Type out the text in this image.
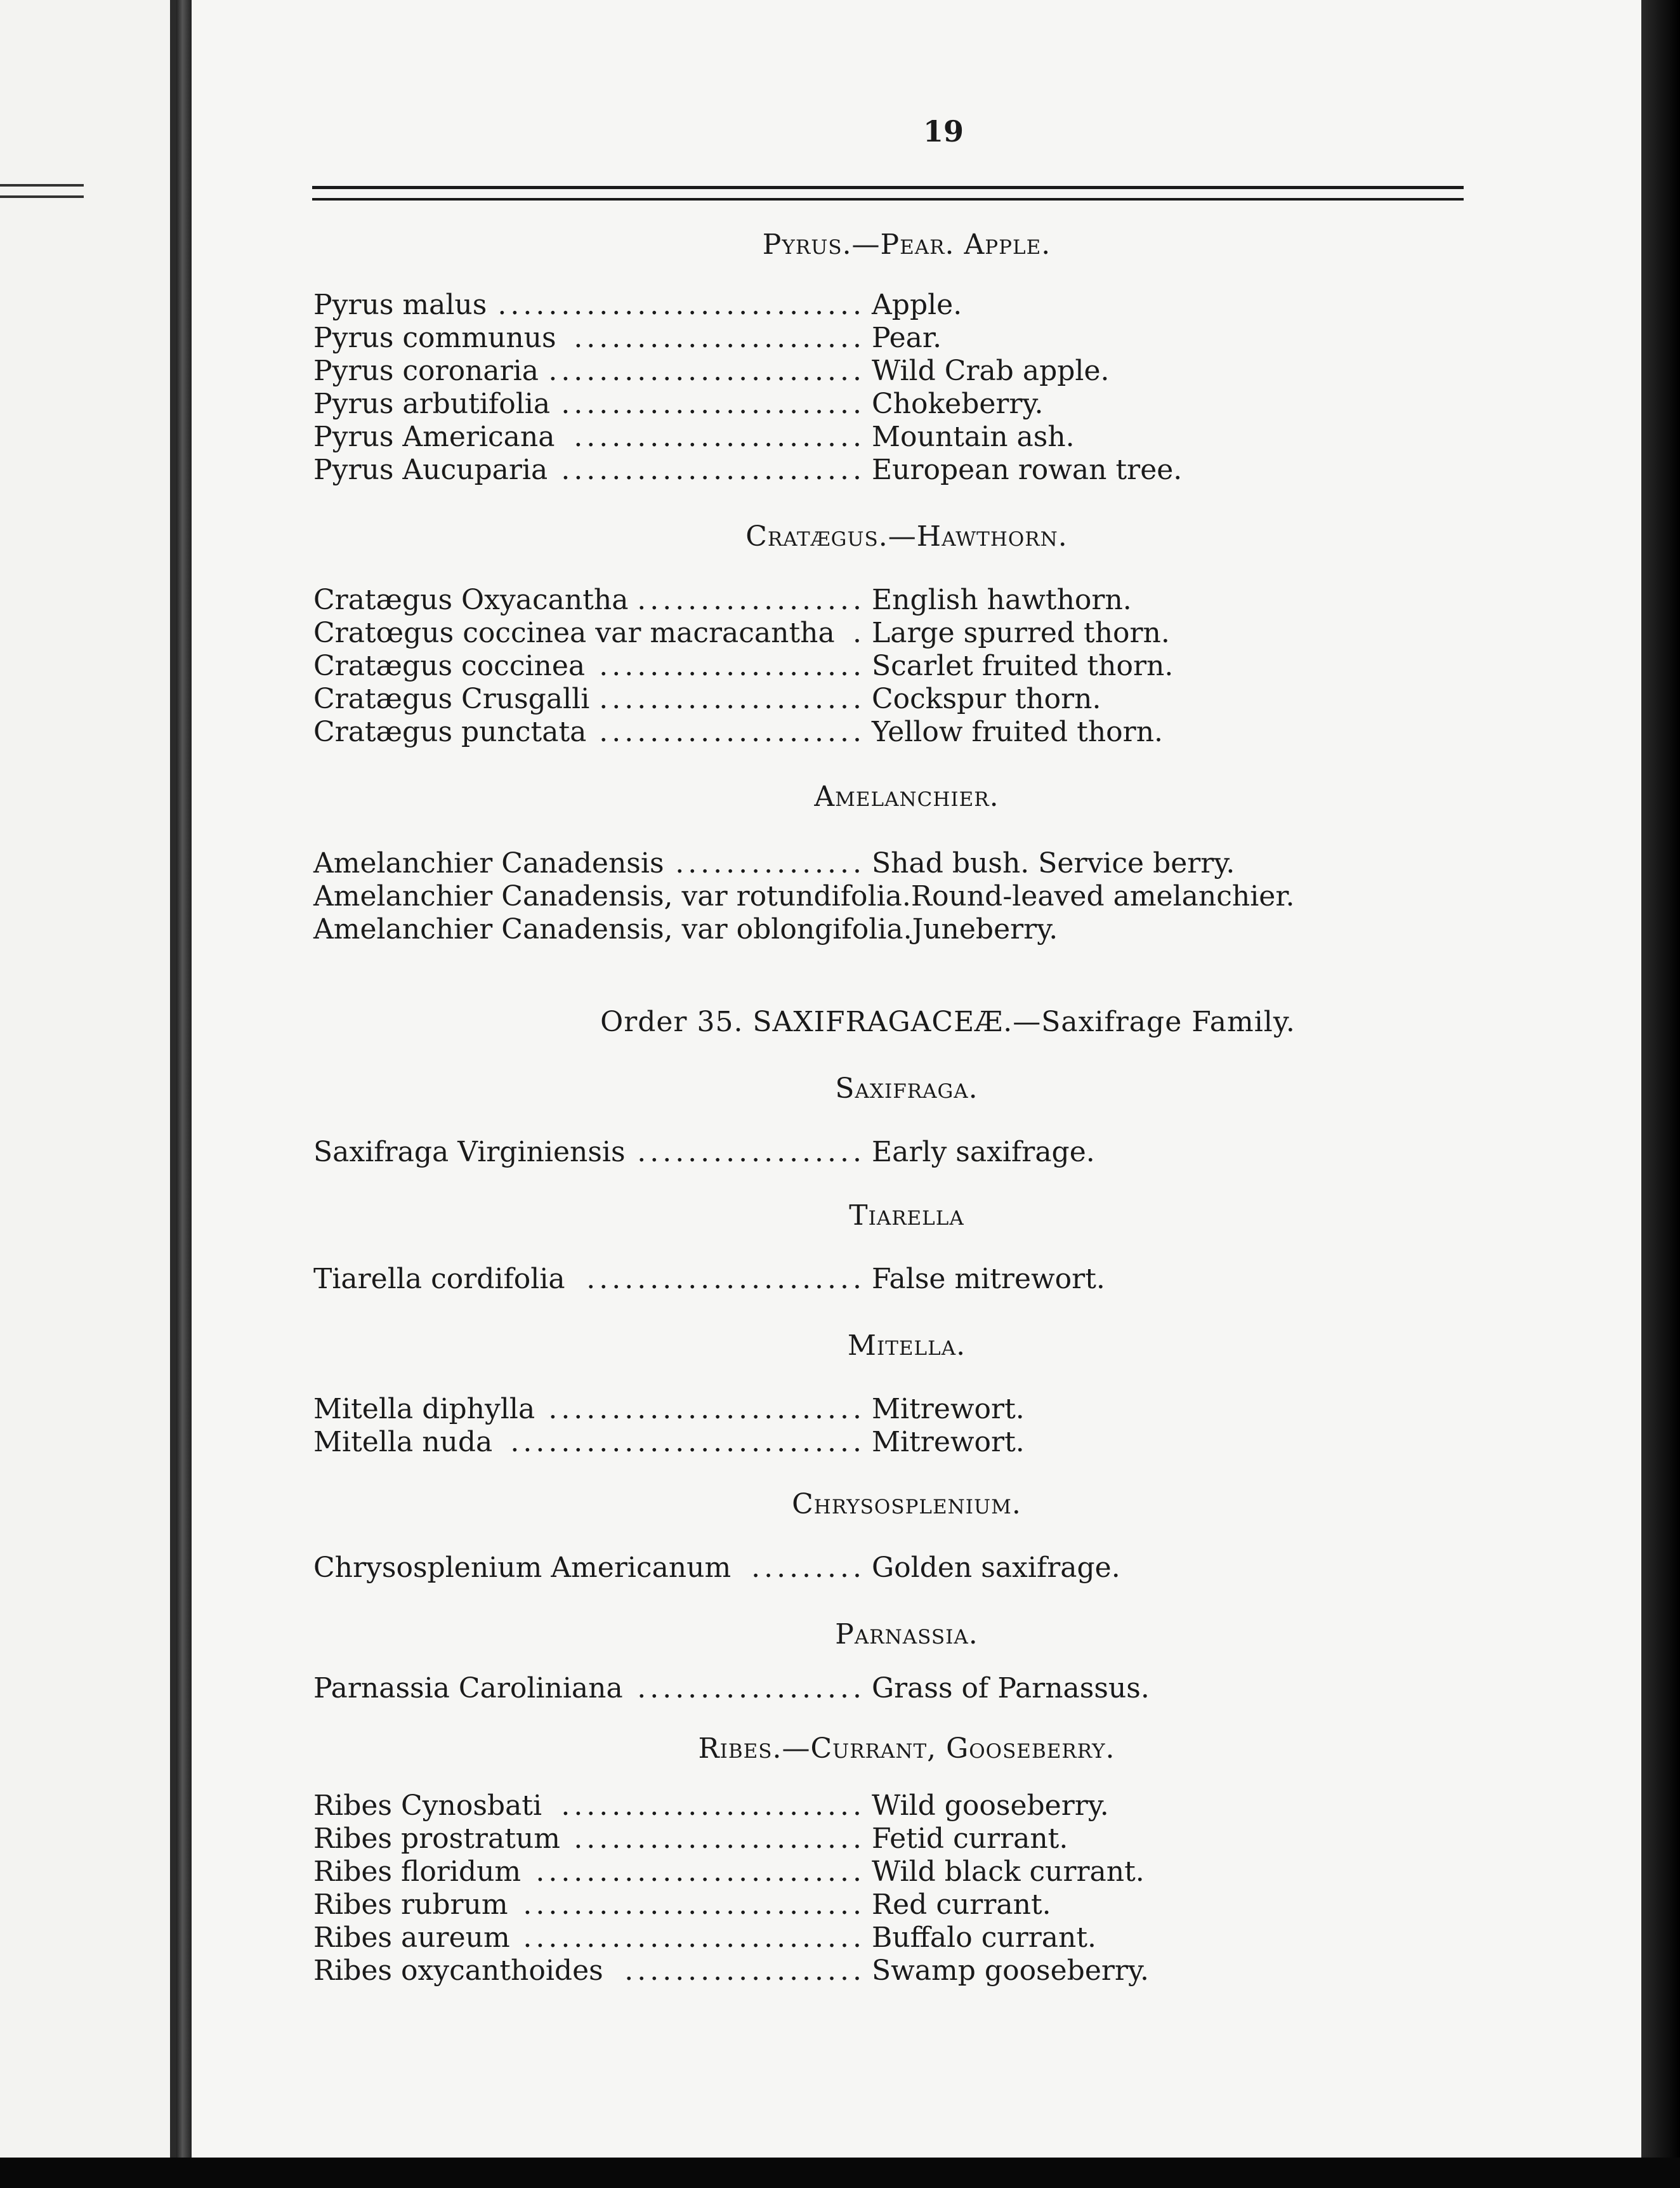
19
Pyrus.—Pear. Apple.
Pyrus malus ............................. Apple.
Pyrus communus ....................... Pear.
Pyrus coronaria ......................... Wild Crab apple.
Pyrus arbutifolia ........................ Chokeberry.
Pyrus Americana ....................... Mountain ash.
Pyrus Aucuparia ........................ European rowan tree.
Cratægus.—Hawthorn.
Cratægus Oxyacantha .................. English hawthorn.
Cratœgus coccinea var macracantha . Large spurred thorn.
Cratægus coccinea ..................... Scarlet fruited thorn.
Cratægus Crusgalli ..................... Cockspur thorn.
Cratægus punctata ..................... Yellow fruited thorn.
Amelanchier.
Amelanchier Canadensis ............... Shad bush. Service berry.
Amelanchier Canadensis, var rotundifolia.Round-leaved amelanchier.
Amelanchier Canadensis, var oblongifolia.Juneberry.
Order 35. SAXIFRAGACEÆ.—Saxifrage Family.
Saxifraga.
Saxifraga Virginiensis .................. Early saxifrage.
Tiarella
Tiarella cordifolia ...................... False mitrewort.
Mitella.
Mitella diphylla ......................... Mitrewort.
Mitella nuda ............................ Mitrewort.
Chrysosplenium.
Chrysosplenium Americanum ......... Golden saxifrage.
Parnassia.
Parnassia Caroliniana .................. Grass of Parnassus.
Ribes.—Currant, Gooseberry.
Ribes Cynosbati ........................ Wild gooseberry.
Ribes prostratum ....................... Fetid currant.
Ribes floridum .......................... Wild black currant.
Ribes rubrum ........................... Red currant.
Ribes aureum ........................... Buffalo currant.
Ribes oxycanthoides ................... Swamp gooseberry.
